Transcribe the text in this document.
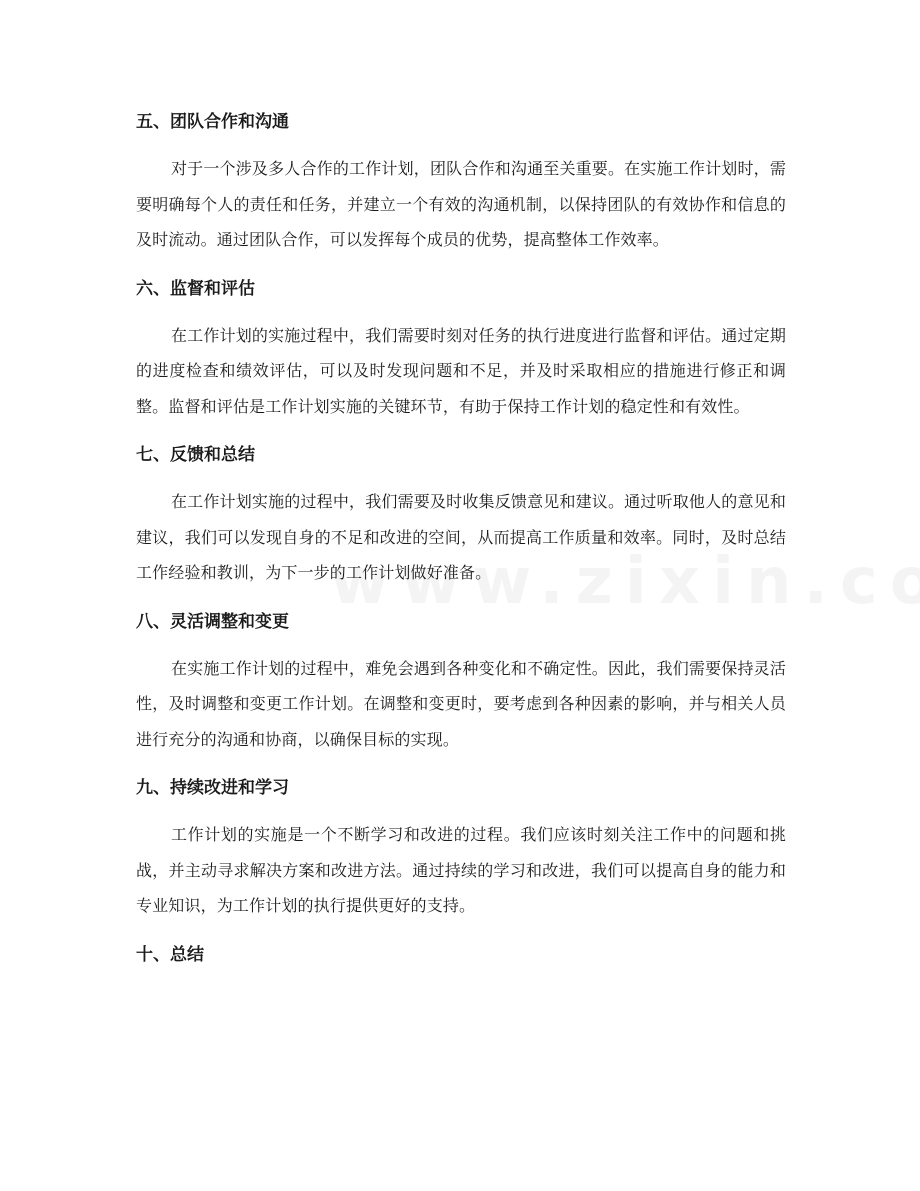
五、团队合作和沟通

对于一个涉及多人合作的工作计划，团队合作和沟通至关重要。在实施工作计划时，需要明确每个人的责任和任务，并建立一个有效的沟通机制，以保持团队的有效协作和信息的及时流动。通过团队合作，可以发挥每个成员的优势，提高整体工作效率。

六、监督和评估

在工作计划的实施过程中，我们需要时刻对任务的执行进度进行监督和评估。通过定期的进度检查和绩效评估，可以及时发现问题和不足，并及时采取相应的措施进行修正和调整。监督和评估是工作计划实施的关键环节，有助于保持工作计划的稳定性和有效性。

七、反馈和总结

在工作计划实施的过程中，我们需要及时收集反馈意见和建议。通过听取他人的意见和建议，我们可以发现自身的不足和改进的空间，从而提高工作质量和效率。同时，及时总结工作经验和教训，为下一步的工作计划做好准备。

八、灵活调整和变更

在实施工作计划的过程中，难免会遇到各种变化和不确定性。因此，我们需要保持灵活性，及时调整和变更工作计划。在调整和变更时，要考虑到各种因素的影响，并与相关人员进行充分的沟通和协商，以确保目标的实现。

九、持续改进和学习

工作计划的实施是一个不断学习和改进的过程。我们应该时刻关注工作中的问题和挑战，并主动寻求解决方案和改进方法。通过持续的学习和改进，我们可以提高自身的能力和专业知识，为工作计划的执行提供更好的支持。

十、总结
